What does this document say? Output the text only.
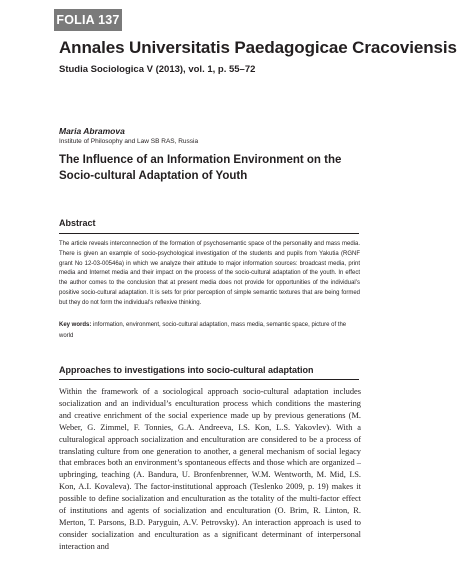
FOLIA 137
Annales Universitatis Paedagogicae Cracoviensis
Studia Sociologica V (2013), vol. 1, p. 55–72
Maria Abramova
Institute of Philosophy and Law SB RAS, Russia
The Influence of an Information Environment on the Socio-cultural Adaptation of Youth
Abstract
The article reveals interconnection of the formation of psychosemantic space of the personality and mass media. There is given an example of socio-psychological investigation of the students and pupils from Yakutia (RGNF grant No 12-03-00546a) in which we analyze their attitude to major information sources: broadcast media, print media and Internet media and their impact on the process of the socio-cultural adaptation of the youth. In effect the author comes to the conclusion that at present media does not provide for opportunities of the individual’s positive socio-cultural adaptation. It is sets for prior perception of simple semantic textures that are being formed but they do not form the individual’s reflexive thinking.
Key words: information, environment, socio-cultural adaptation, mass media, semantic space, picture of the world
Approaches to investigations into socio-cultural adaptation
Within the framework of a sociological approach socio-cultural adaptation includes socialization and an individual’s enculturation process which conditions the mastering and creative enrichment of the social experience made up by previous generations (M. Weber, G. Zimmel, F. Tonnies, G.A. Andreeva, I.S. Kon, L.S. Yakovlev). With a culturalogical approach socialization and enculturation are considered to be a process of translating culture from one generation to another, a general mechanism of social legacy that embraces both an environment’s spontaneous effects and those which are organized – upbringing, teaching (A. Bandura, U. Bronfenbrenner, W.M. Wentworth, M. Mid, I.S. Kon, A.I. Kovaleva). The factor-institutional approach (Teslenko 2009, p. 19) makes it possible to define socialization and enculturation as the totality of the multi-factor effect of institutions and agents of socialization and enculturation (O. Brim, R. Linton, R. Merton, T. Parsons, B.D. Paryguin, A.V. Petrovsky). An interaction approach is used to consider socialization and enculturation as a significant determinant of interpersonal interaction and
